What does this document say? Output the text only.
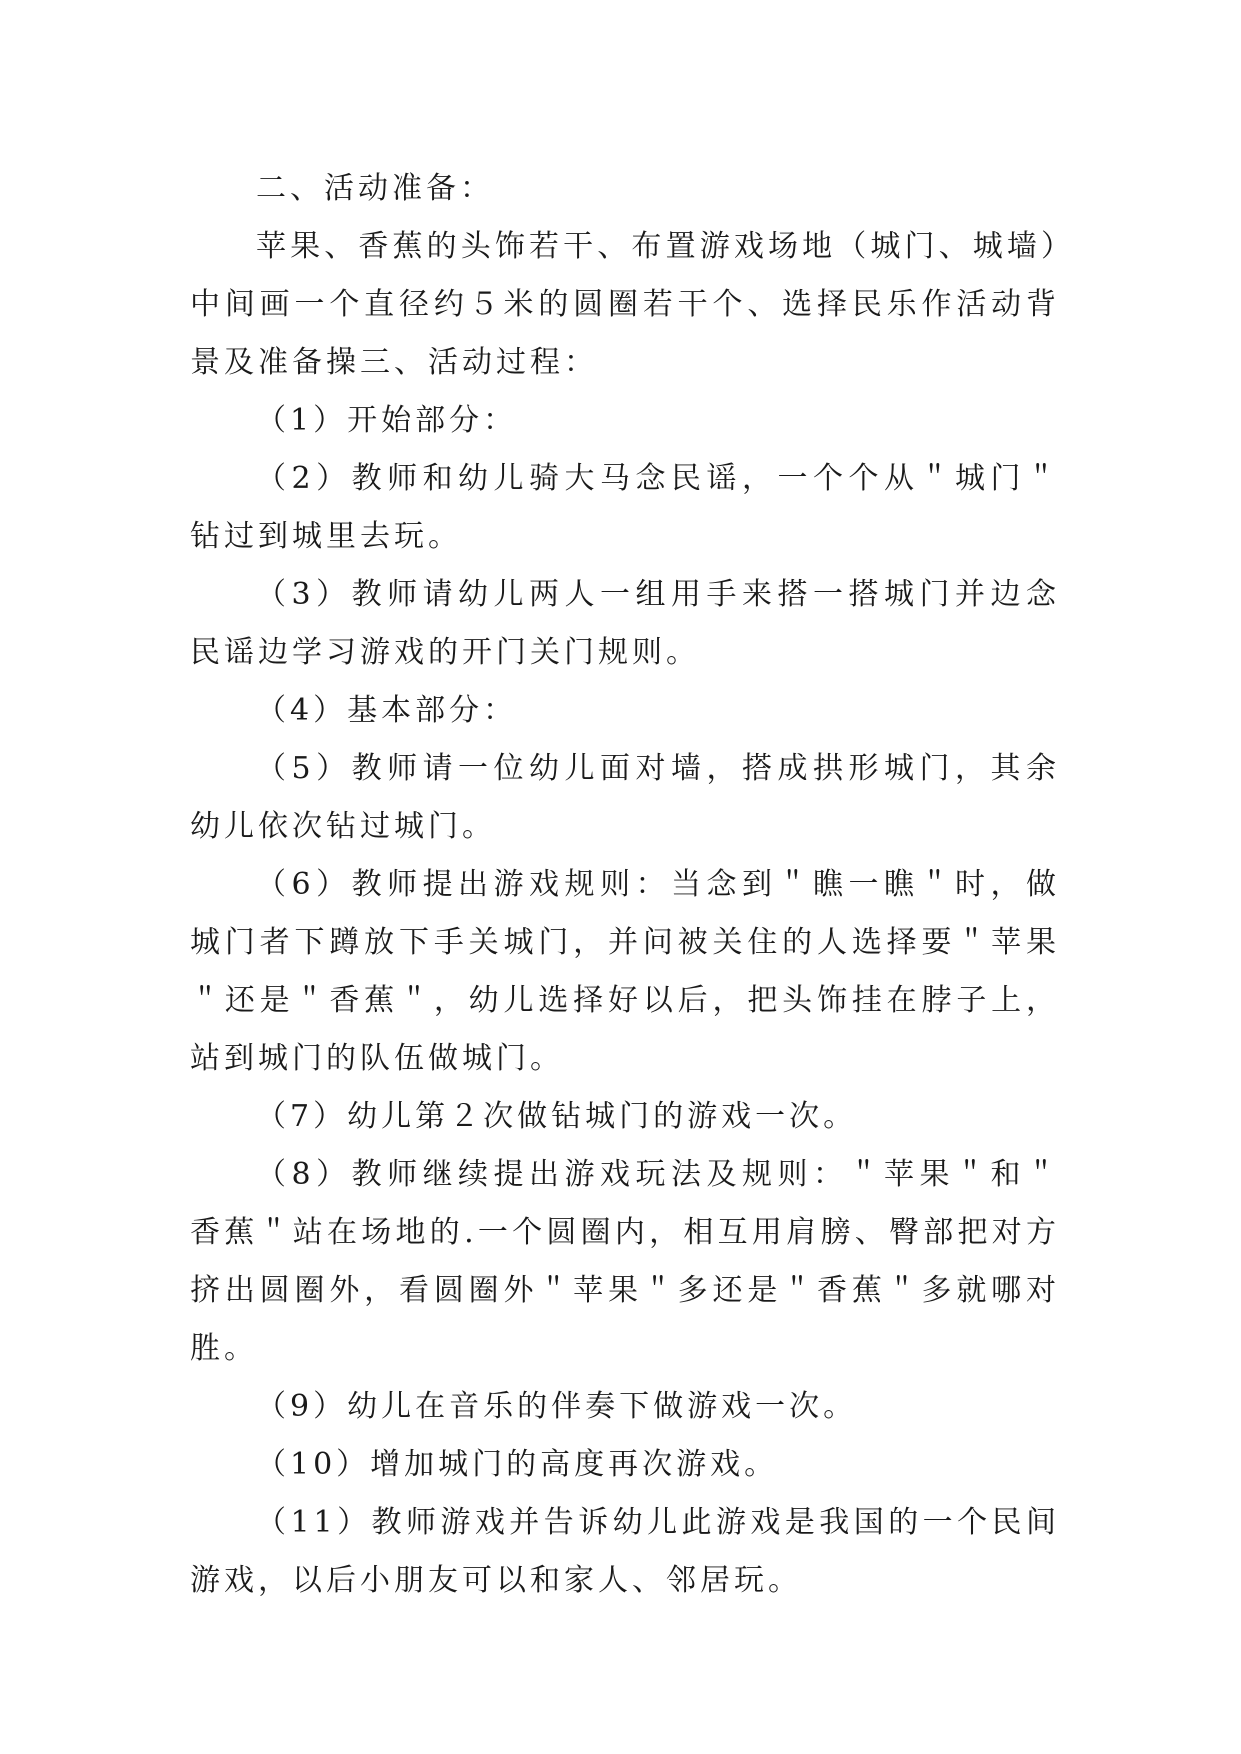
二、活动准备：

苹果、香蕉的头饰若干、布置游戏场地（城门、城墙）中间画一个直径约５米的圆圈若干个、选择民乐作活动背景及准备操三、活动过程：

（1）开始部分：

（2）教师和幼儿骑大马念民谣，一个个从＂城门＂钻过到城里去玩。

（3）教师请幼儿两人一组用手来搭一搭城门并边念民谣边学习游戏的开门关门规则。

（4）基本部分：

（5）教师请一位幼儿面对墙，搭成拱形城门，其余幼儿依次钻过城门。

（6）教师提出游戏规则：当念到＂瞧一瞧＂时，做城门者下蹲放下手关城门，并问被关住的人选择要＂苹果＂还是＂香蕉＂，幼儿选择好以后，把头饰挂在脖子上，站到城门的队伍做城门。

（7）幼儿第２次做钻城门的游戏一次。

（8）教师继续提出游戏玩法及规则：＂苹果＂和＂香蕉＂站在场地的.一个圆圈内，相互用肩膀、臀部把对方挤出圆圈外，看圆圈外＂苹果＂多还是＂香蕉＂多就哪对胜。

（9）幼儿在音乐的伴奏下做游戏一次。

（10）增加城门的高度再次游戏。

（11）教师游戏并告诉幼儿此游戏是我国的一个民间游戏，以后小朋友可以和家人、邻居玩。
